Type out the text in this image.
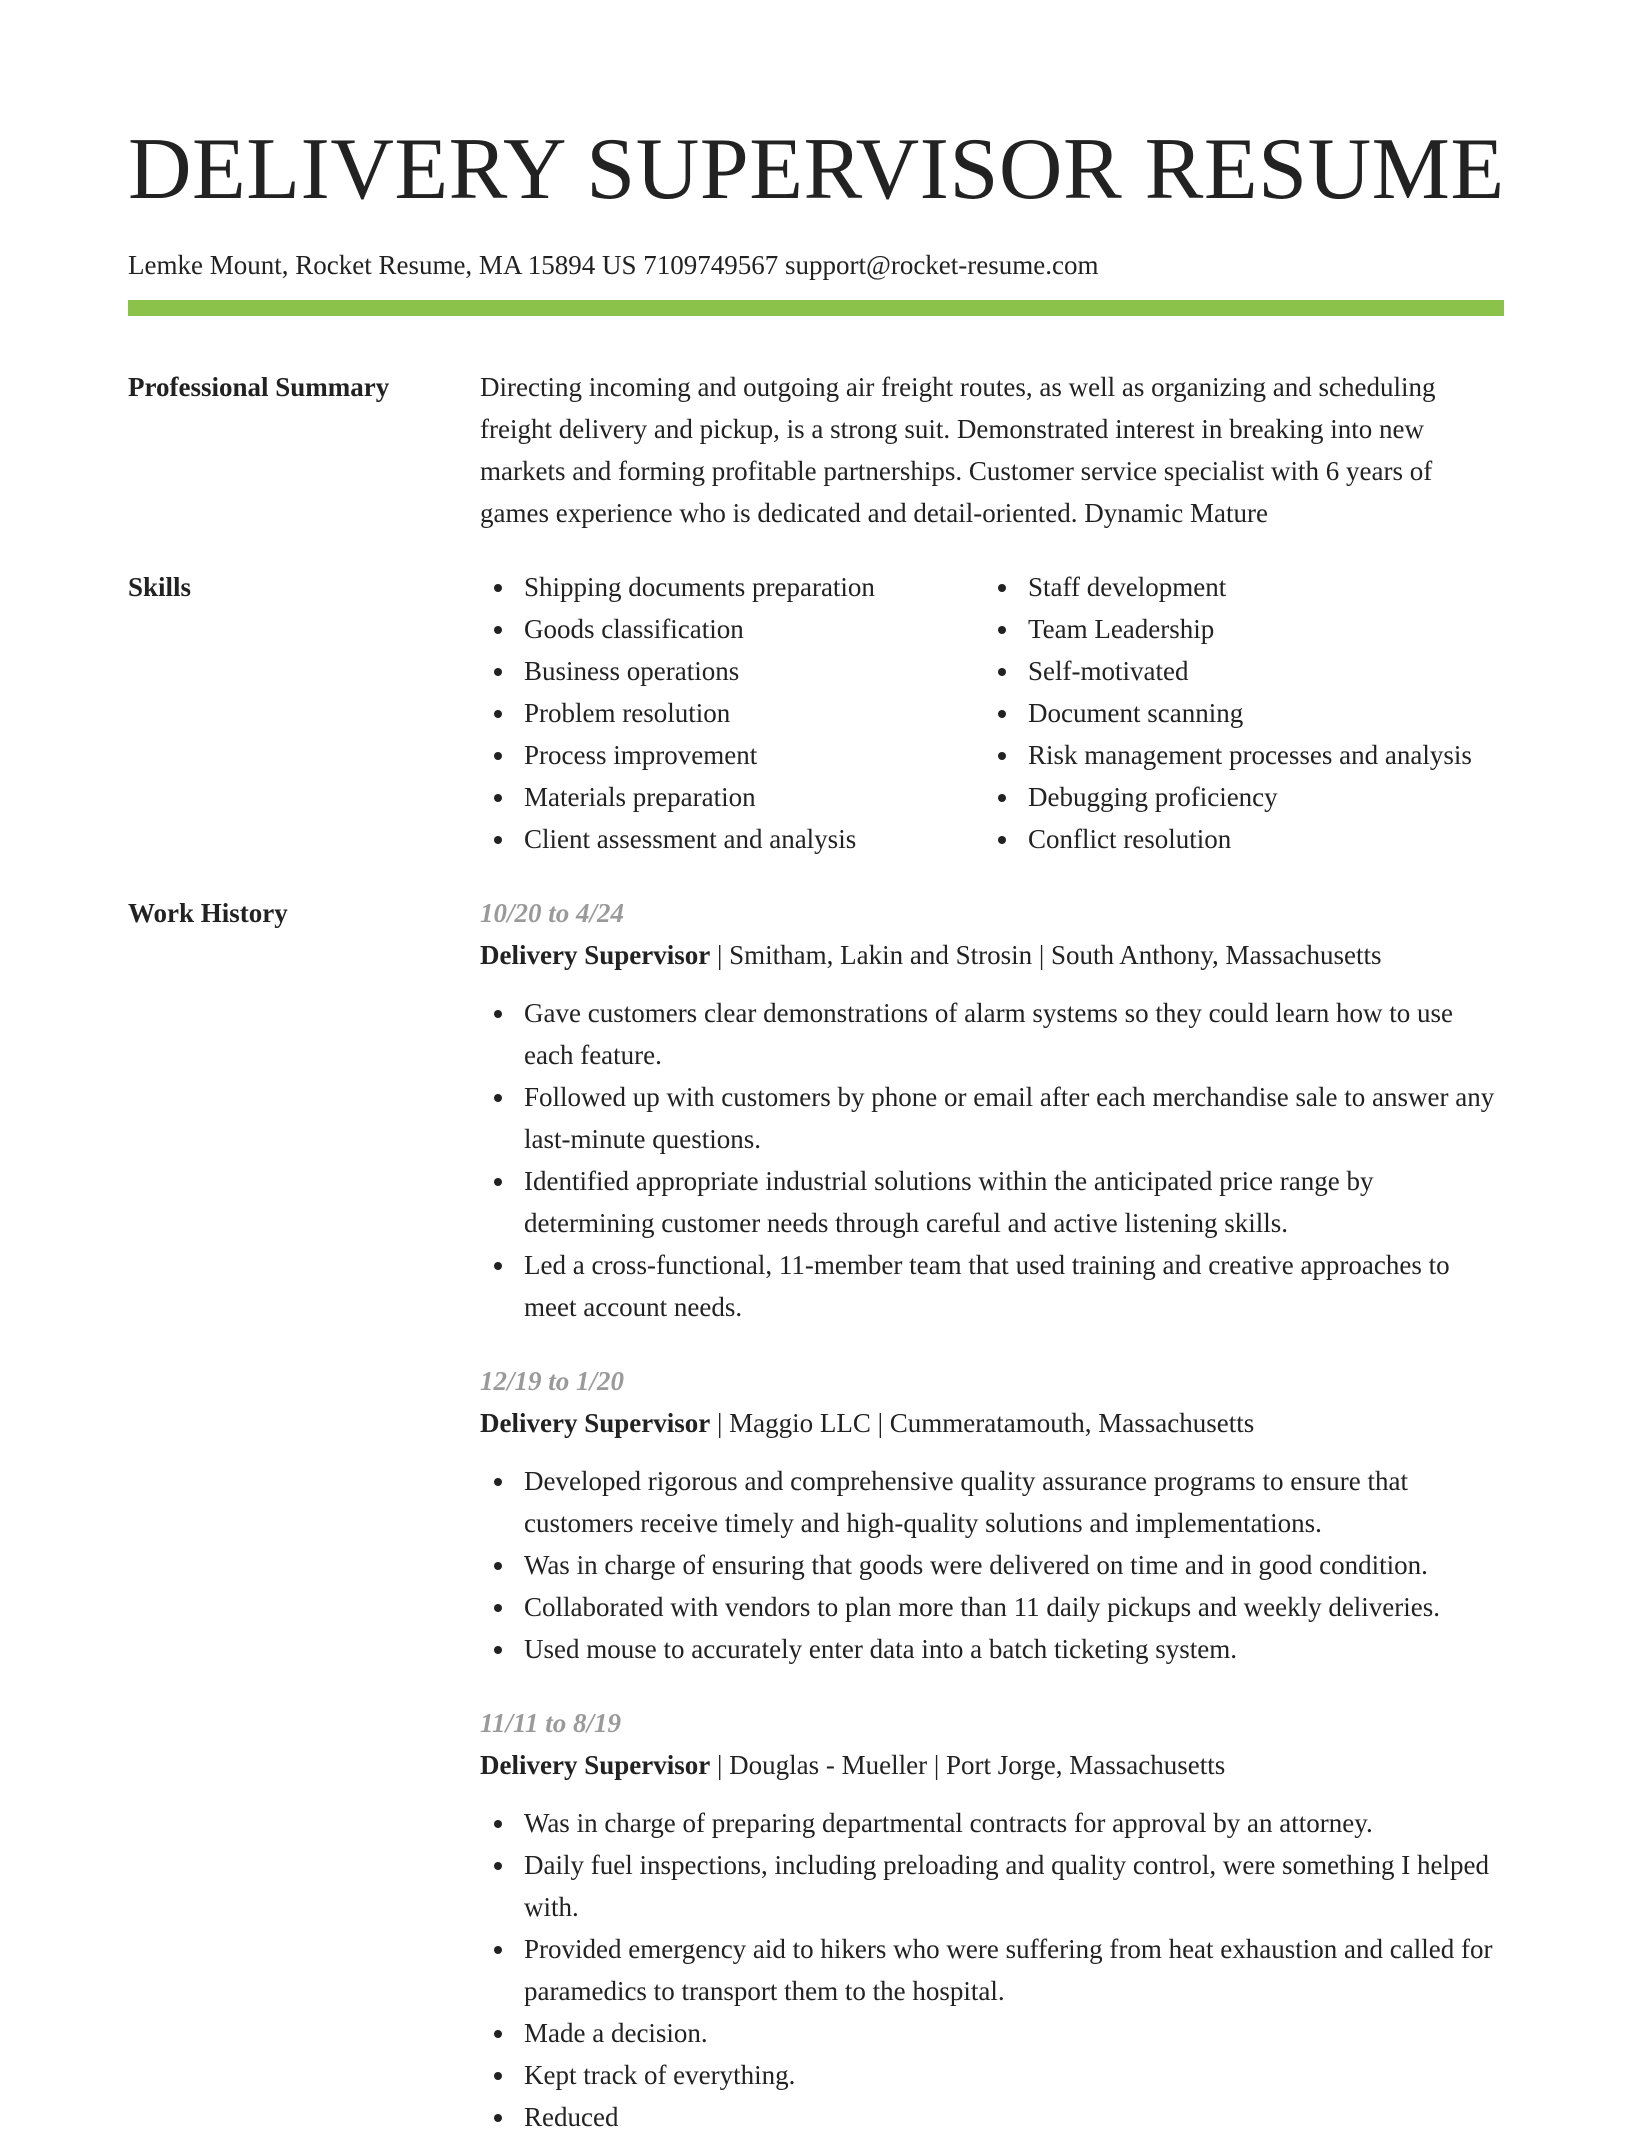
DELIVERY SUPERVISOR RESUME
Lemke Mount, Rocket Resume, MA 15894 US 7109749567 support@rocket-resume.com
Professional Summary	Directing incoming and outgoing air freight routes, as well as organizing and scheduling freight delivery and pickup, is a strong suit. Demonstrated interest in breaking into new markets and forming profitable partnerships. Customer service specialist with 6 years of games experience who is dedicated and detail-oriented. Dynamic Mature
Skills	Shipping documents preparation
Goods classification
Business operations
Problem resolution
Process improvement
Materials preparation
Client assessment and analysis
Staff development
Team Leadership
Self-motivated
Document scanning
Risk management processes and analysis
Debugging proficiency
Conflict resolution
Work History	10/20 to 4/24
Delivery Supervisor | Smitham, Lakin and Strosin | South Anthony, Massachusetts
Gave customers clear demonstrations of alarm systems so they could learn how to use each feature.
Followed up with customers by phone or email after each merchandise sale to answer any last-minute questions.
Identified appropriate industrial solutions within the anticipated price range by determining customer needs through careful and active listening skills.
Led a cross-functional, 11-member team that used training and creative approaches to meet account needs.
12/19 to 1/20
Delivery Supervisor | Maggio LLC | Cummeratamouth, Massachusetts
Developed rigorous and comprehensive quality assurance programs to ensure that customers receive timely and high-quality solutions and implementations.
Was in charge of ensuring that goods were delivered on time and in good condition.
Collaborated with vendors to plan more than 11 daily pickups and weekly deliveries.
Used mouse to accurately enter data into a batch ticketing system.
11/11 to 8/19
Delivery Supervisor | Douglas - Mueller | Port Jorge, Massachusetts
Was in charge of preparing departmental contracts for approval by an attorney.
Daily fuel inspections, including preloading and quality control, were something I helped with.
Provided emergency aid to hikers who were suffering from heat exhaustion and called for paramedics to transport them to the hospital.
Made a decision.
Kept track of everything.
Reduced
